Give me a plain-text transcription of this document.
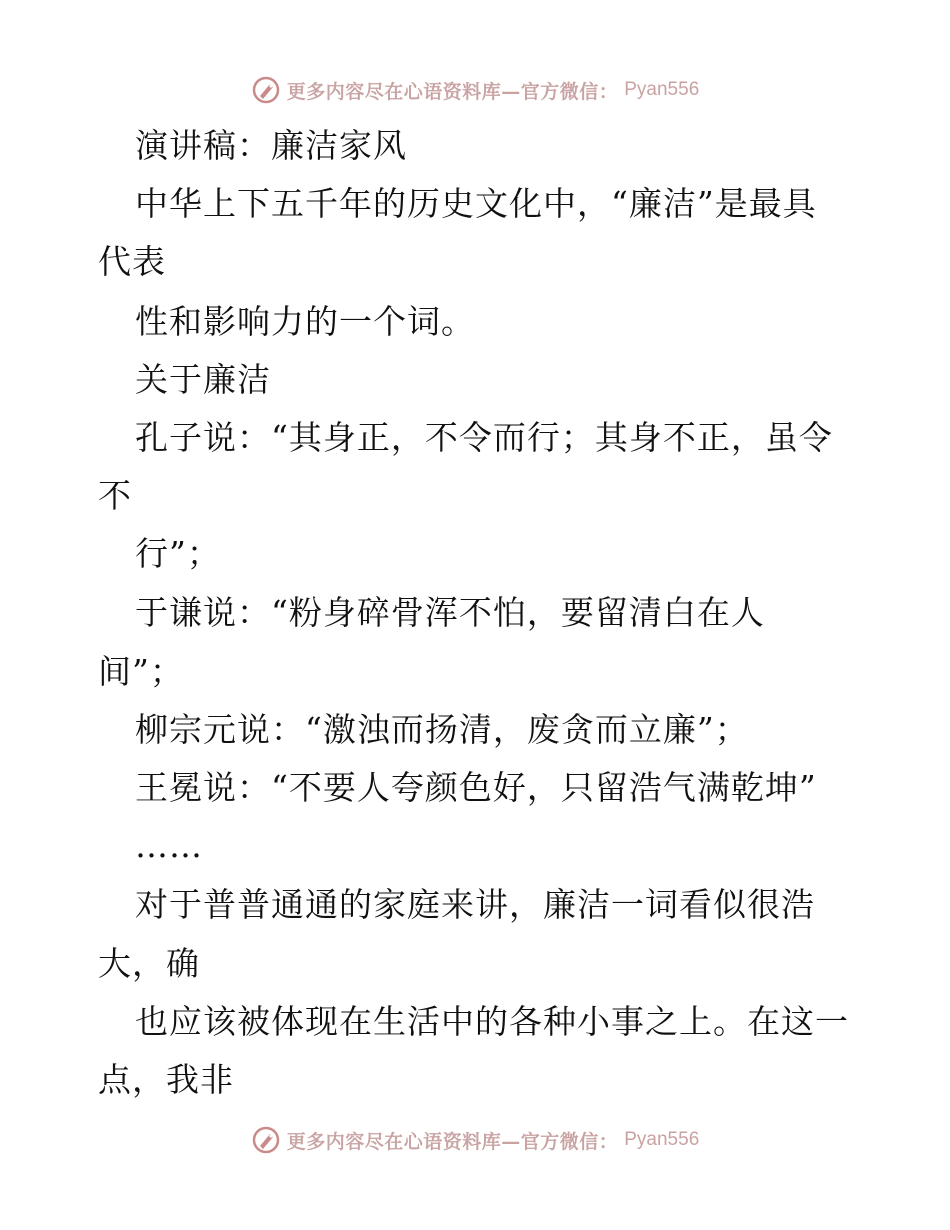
更多内容尽在心语资料库—官方微信： Pyan556
演讲稿：廉洁家风
中华上下五千年的历史文化中，“廉洁”是最具
代表
性和影响力的一个词。
关于廉洁
孔子说：“其身正，不令而行；其身不正，虽令
不
行”；
于谦说：“粉身碎骨浑不怕，要留清白在人
间”；
柳宗元说：“激浊而扬清，废贪而立廉”；
王冕说：“不要人夸颜色好，只留浩气满乾坤”
……
对于普普通通的家庭来讲，廉洁一词看似很浩
大，确
也应该被体现在生活中的各种小事之上。在这一
点，我非
更多内容尽在心语资料库—官方微信： Pyan556
